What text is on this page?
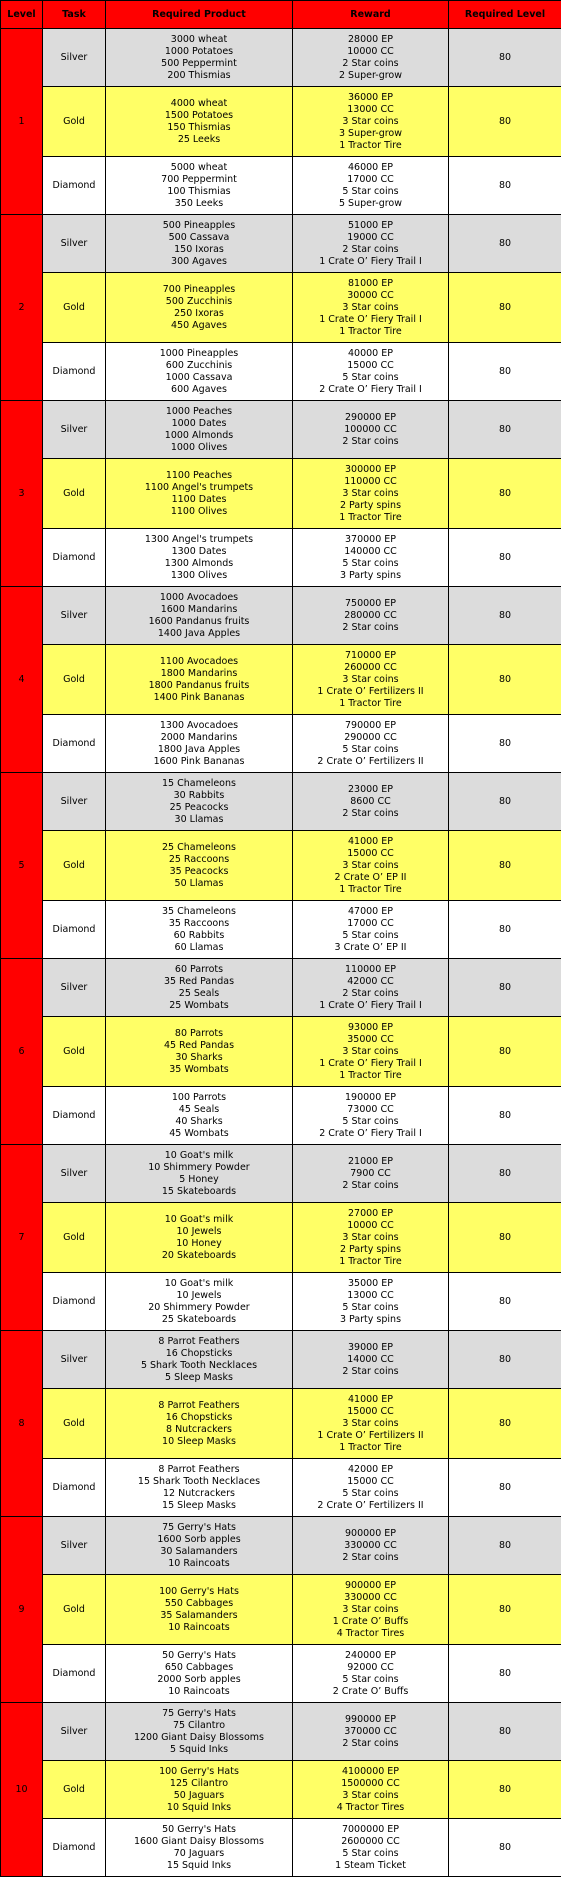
Level	Task	Required Product	Reward	Required Level
1	Silver	3000 wheat
1000 Potatoes
500 Peppermint
200 Thismias	28000 EP
10000 CC
2 Star coins
2 Super-grow	80
	Gold	4000 wheat
1500 Potatoes
150 Thismias
25 Leeks	36000 EP
13000 CC
3 Star coins
3 Super-grow
1 Tractor Tire	80
	Diamond	5000 wheat
700 Peppermint
100 Thismias
350 Leeks	46000 EP
17000 CC
5 Star coins
5 Super-grow	80
2	Silver	500 Pineapples
500 Cassava
150 Ixoras
300 Agaves	51000 EP
19000 CC
2 Star coins
1 Crate O’ Fiery Trail I	80
	Gold	700 Pineapples
500 Zucchinis
250 Ixoras
450 Agaves	81000 EP
30000 CC
3 Star coins
1 Crate O’ Fiery Trail I
1 Tractor Tire	80
	Diamond	1000 Pineapples
600 Zucchinis
1000 Cassava
600 Agaves	40000 EP
15000 CC
5 Star coins
2 Crate O’ Fiery Trail I	80
3	Silver	1000 Peaches
1000 Dates
1000 Almonds
1000 Olives	290000 EP
100000 CC
2 Star coins	80
	Gold	1100 Peaches
1100 Angel's trumpets
1100 Dates
1100 Olives	300000 EP
110000 CC
3 Star coins
2 Party spins
1 Tractor Tire	80
	Diamond	1300 Angel's trumpets
1300 Dates
1300 Almonds
1300 Olives	370000 EP
140000 CC
5 Star coins
3 Party spins	80
4	Silver	1000 Avocadoes
1600 Mandarins
1600 Pandanus fruits
1400 Java Apples	750000 EP
280000 CC
2 Star coins	80
	Gold	1100 Avocadoes
1800 Mandarins
1800 Pandanus fruits
1400 Pink Bananas	710000 EP
260000 CC
3 Star coins
1 Crate O’ Fertilizers II
1 Tractor Tire	80
	Diamond	1300 Avocadoes
2000 Mandarins
1800 Java Apples
1600 Pink Bananas	790000 EP
290000 CC
5 Star coins
2 Crate O’ Fertilizers II	80
5	Silver	15 Chameleons
30 Rabbits
25 Peacocks
30 Llamas	23000 EP
8600 CC
2 Star coins	80
	Gold	25 Chameleons
25 Raccoons
35 Peacocks
50 Llamas	41000 EP
15000 CC
3 Star coins
2 Crate O’ EP II
1 Tractor Tire	80
	Diamond	35 Chameleons
35 Raccoons
60 Rabbits
60 Llamas	47000 EP
17000 CC
5 Star coins
3 Crate O’ EP II	80
6	Silver	60 Parrots
35 Red Pandas
25 Seals
25 Wombats	110000 EP
42000 CC
2 Star coins
1 Crate O’ Fiery Trail I	80
	Gold	80 Parrots
45 Red Pandas
30 Sharks
35 Wombats	93000 EP
35000 CC
3 Star coins
1 Crate O’ Fiery Trail I
1 Tractor Tire	80
	Diamond	100 Parrots
45 Seals
40 Sharks
45 Wombats	190000 EP
73000 CC
5 Star coins
2 Crate O’ Fiery Trail I	80
7	Silver	10 Goat's milk
10 Shimmery Powder
5 Honey
15 Skateboards	21000 EP
7900 CC
2 Star coins	80
	Gold	10 Goat's milk
10 Jewels
10 Honey
20 Skateboards	27000 EP
10000 CC
3 Star coins
2 Party spins
1 Tractor Tire	80
	Diamond	10 Goat's milk
10 Jewels
20 Shimmery Powder
25 Skateboards	35000 EP
13000 CC
5 Star coins
3 Party spins	80
8	Silver	8 Parrot Feathers
16 Chopsticks
5 Shark Tooth Necklaces
5 Sleep Masks	39000 EP
14000 CC
2 Star coins	80
	Gold	8 Parrot Feathers
16 Chopsticks
8 Nutcrackers
10 Sleep Masks	41000 EP
15000 CC
3 Star coins
1 Crate O’ Fertilizers II
1 Tractor Tire	80
	Diamond	8 Parrot Feathers
15 Shark Tooth Necklaces
12 Nutcrackers
15 Sleep Masks	42000 EP
15000 CC
5 Star coins
2 Crate O’ Fertilizers II	80
9	Silver	75 Gerry's Hats
1600 Sorb apples
30 Salamanders
10 Raincoats	900000 EP
330000 CC
2 Star coins	80
	Gold	100 Gerry's Hats
550 Cabbages
35 Salamanders
10 Raincoats	900000 EP
330000 CC
3 Star coins
1 Crate O’ Buffs
4 Tractor Tires	80
	Diamond	50 Gerry's Hats
650 Cabbages
2000 Sorb apples
10 Raincoats	240000 EP
92000 CC
5 Star coins
2 Crate O’ Buffs	80
10	Silver	75 Gerry's Hats
75 Cilantro
1200 Giant Daisy Blossoms
5 Squid Inks	990000 EP
370000 CC
2 Star coins	80
	Gold	100 Gerry's Hats
125 Cilantro
50 Jaguars
10 Squid Inks	4100000 EP
1500000 CC
3 Star coins
4 Tractor Tires	80
	Diamond	50 Gerry's Hats
1600 Giant Daisy Blossoms
70 Jaguars
15 Squid Inks	7000000 EP
2600000 CC
5 Star coins
1 Steam Ticket	80
